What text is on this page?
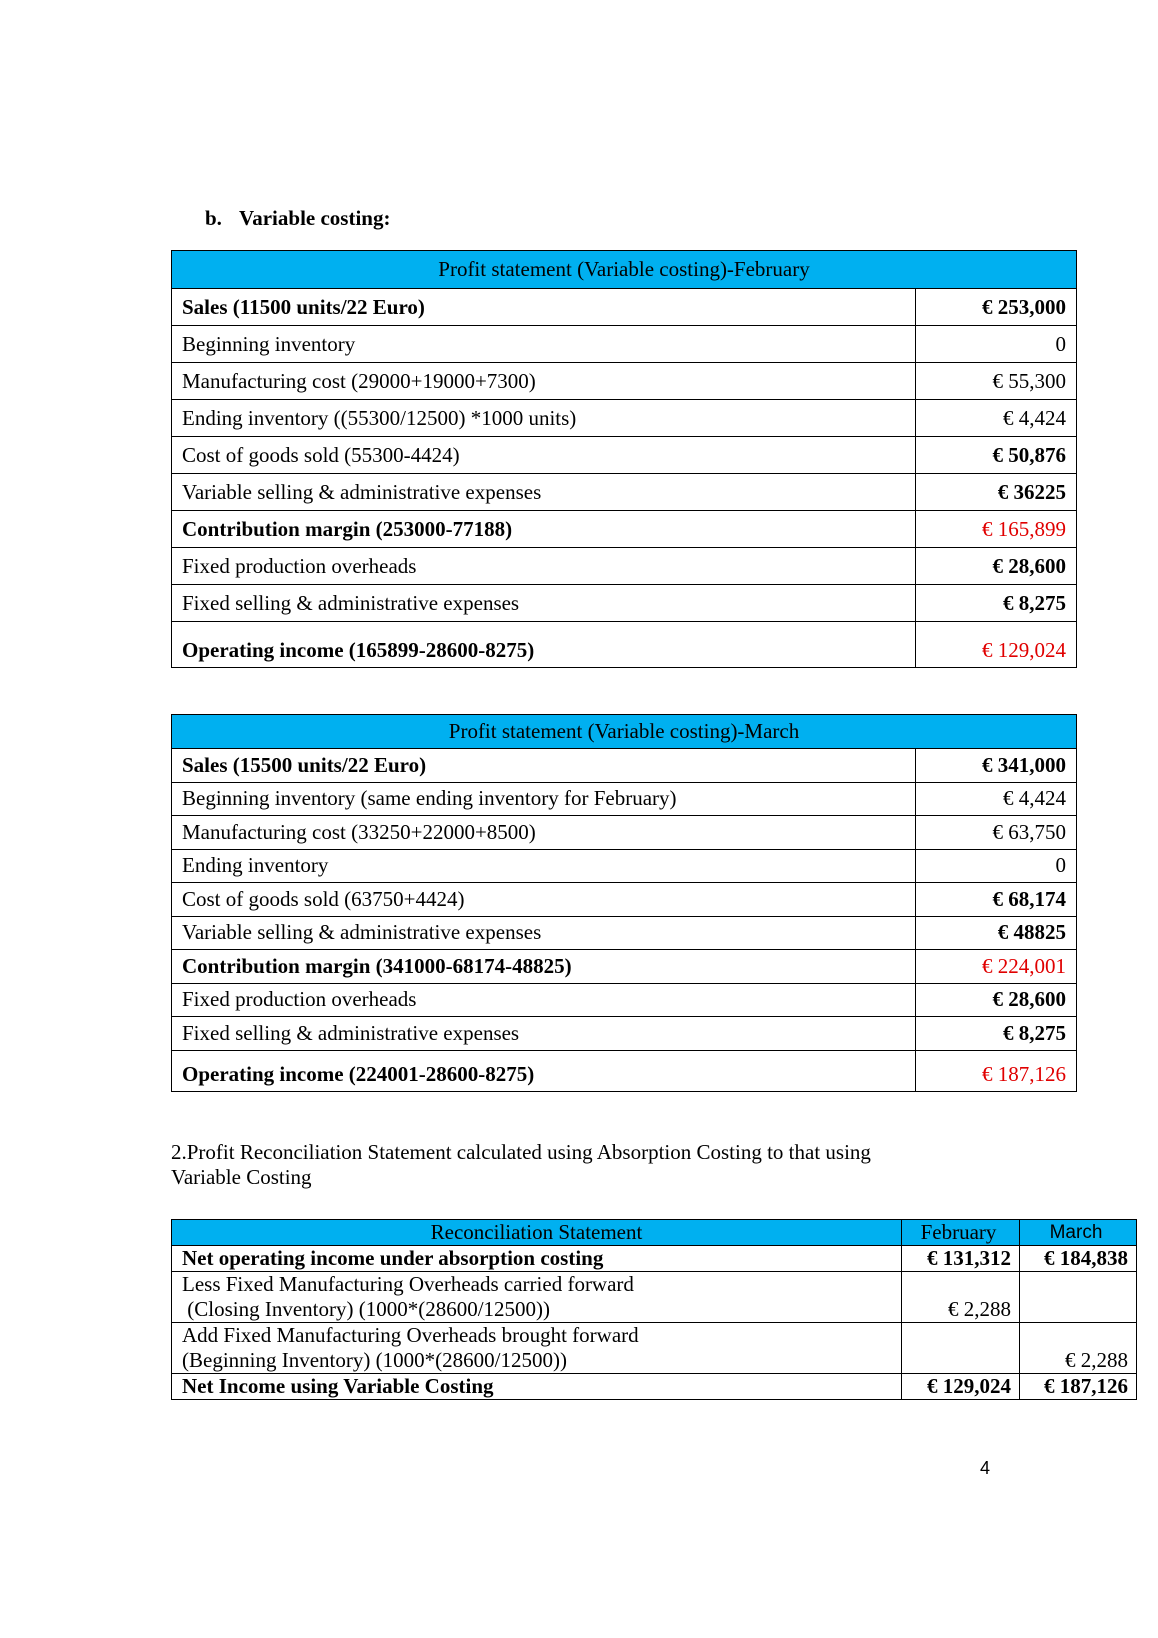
b. Variable costing:
Profit statement (Variable costing)-February	
Sales (11500 units/22 Euro)	€ 253,000
Beginning inventory	0
Manufacturing cost (29000+19000+7300)	€ 55,300
Ending inventory ((55300/12500) *1000 units)	€ 4,424
Cost of goods sold (55300-4424)	€ 50,876
Variable selling & administrative expenses	€ 36225
Contribution margin (253000-77188)	€ 165,899
Fixed production overheads	€ 28,600
Fixed selling & administrative expenses	€ 8,275
Operating income (165899-28600-8275)	€ 129,024
Profit statement (Variable costing)-March	
Sales (15500 units/22 Euro)	€ 341,000
Beginning inventory (same ending inventory for February)	€ 4,424
Manufacturing cost (33250+22000+8500)	€ 63,750
Ending inventory	0
Cost of goods sold (63750+4424)	€ 68,174
Variable selling & administrative expenses	€ 48825
Contribution margin (341000-68174-48825)	€ 224,001
Fixed production overheads	€ 28,600
Fixed selling & administrative expenses	€ 8,275
Operating income (224001-28600-8275)	€ 187,126
2.Profit Reconciliation Statement calculated using Absorption Costing to that using
Variable Costing
Reconciliation Statement	February	March
Net operating income under absorption costing	€ 131,312	€ 184,838

Less Fixed Manufacturing Overheads carried forward
(Closing Inventory) (1000*(28600/12500))	€ 2,288	

Add Fixed Manufacturing Overheads brought forward
(Beginning Inventory) (1000*(28600/12500))		€ 2,288
Net Income using Variable Costing	€ 129,024	€ 187,126
4
